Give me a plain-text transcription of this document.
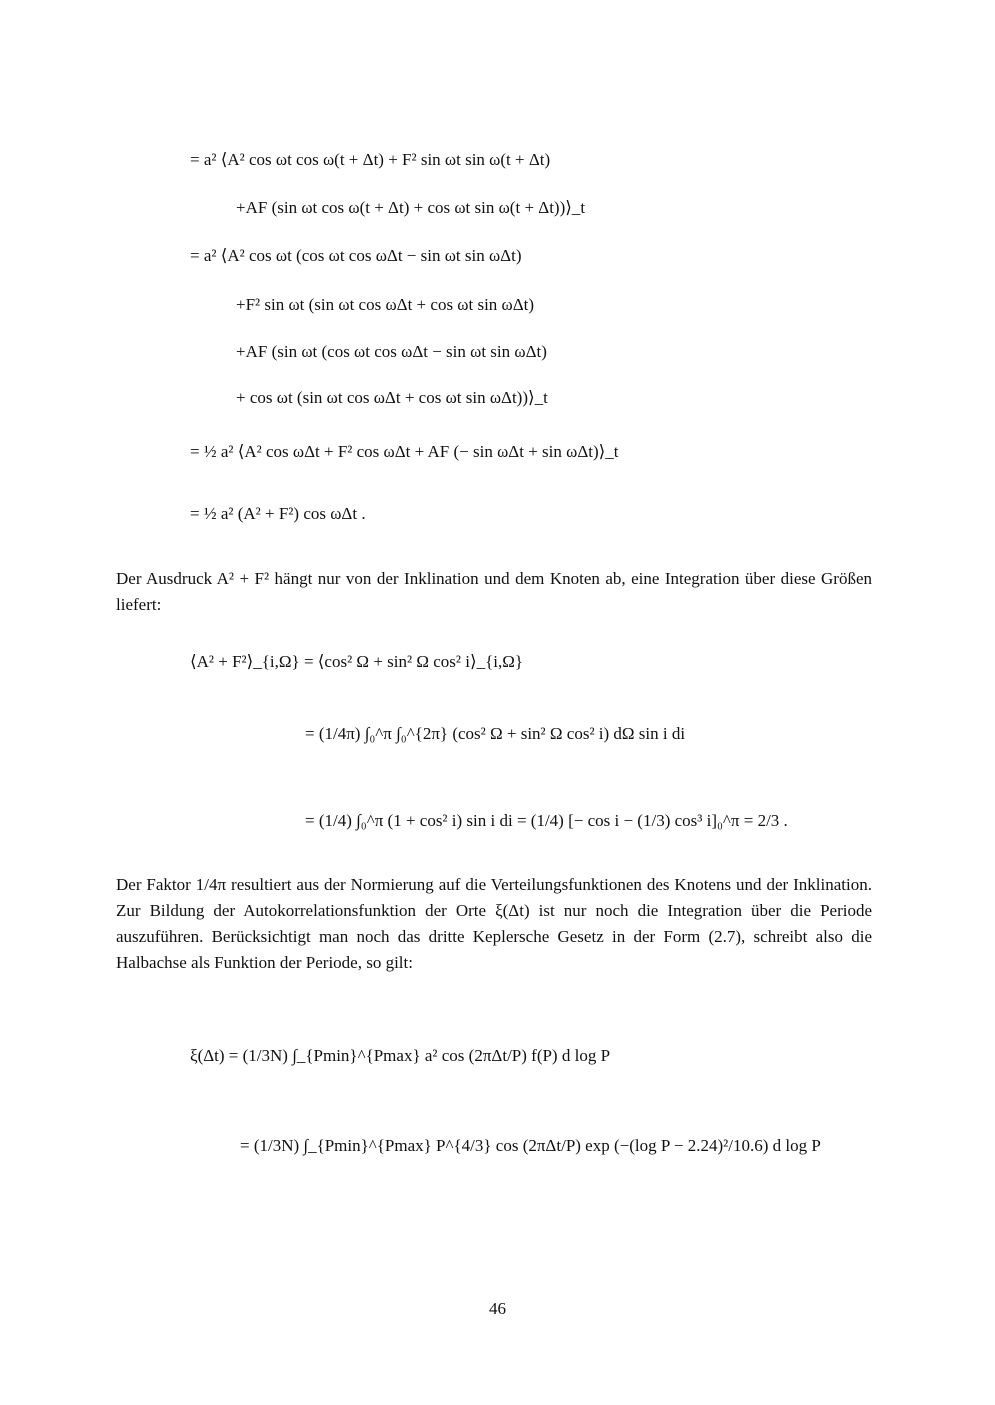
= a² ⟨A² cos ωt cos ω(t + Δt) + F² sin ωt sin ω(t + Δt)
+AF (sin ωt cos ω(t + Δt) + cos ωt sin ω(t + Δt))⟩_t
= a² ⟨A² cos ωt (cos ωt cos ωΔt − sin ωt sin ωΔt)
+F² sin ωt (sin ωt cos ωΔt + cos ωt sin ωΔt)
+AF (sin ωt (cos ωt cos ωΔt − sin ωt sin ωΔt)
+ cos ωt (sin ωt cos ωΔt + cos ωt sin ωΔt))⟩_t
= ½ a² ⟨A² cos ωΔt + F² cos ωΔt + AF (− sin ωΔt + sin ωΔt)⟩_t
= ½ a² (A² + F²) cos ωΔt .

Der Ausdruck A² + F² hängt nur von der Inklination und dem Knoten ab, eine Integration über diese Größen liefert:

⟨A² + F²⟩_{i,Ω} = ⟨cos² Ω + sin² Ω cos² i⟩_{i,Ω}
= (1/4π) ∫₀^π ∫₀^{2π} (cos² Ω + sin² Ω cos² i) dΩ sin i di
= (1/4) ∫₀^π (1 + cos² i) sin i di = (1/4) [− cos i − (1/3) cos³ i]₀^π = 2/3 .

Der Faktor 1/4π resultiert aus der Normierung auf die Verteilungsfunktionen des Knotens und der Inklination. Zur Bildung der Autokorrelationsfunktion der Orte ξ(Δt) ist nur noch die Integration über die Periode auszuführen. Berücksichtigt man noch das dritte Keplersche Gesetz in der Form (2.7), schreibt also die Halbachse als Funktion der Periode, so gilt:

ξ(Δt) = (1/3N) ∫_{Pmin}^{Pmax} a² cos (2πΔt/P) f(P) d log P
= (1/3N) ∫_{Pmin}^{Pmax} P^{4/3} cos (2πΔt/P) exp (−(log P − 2.24)²/10.6) d log P
46
